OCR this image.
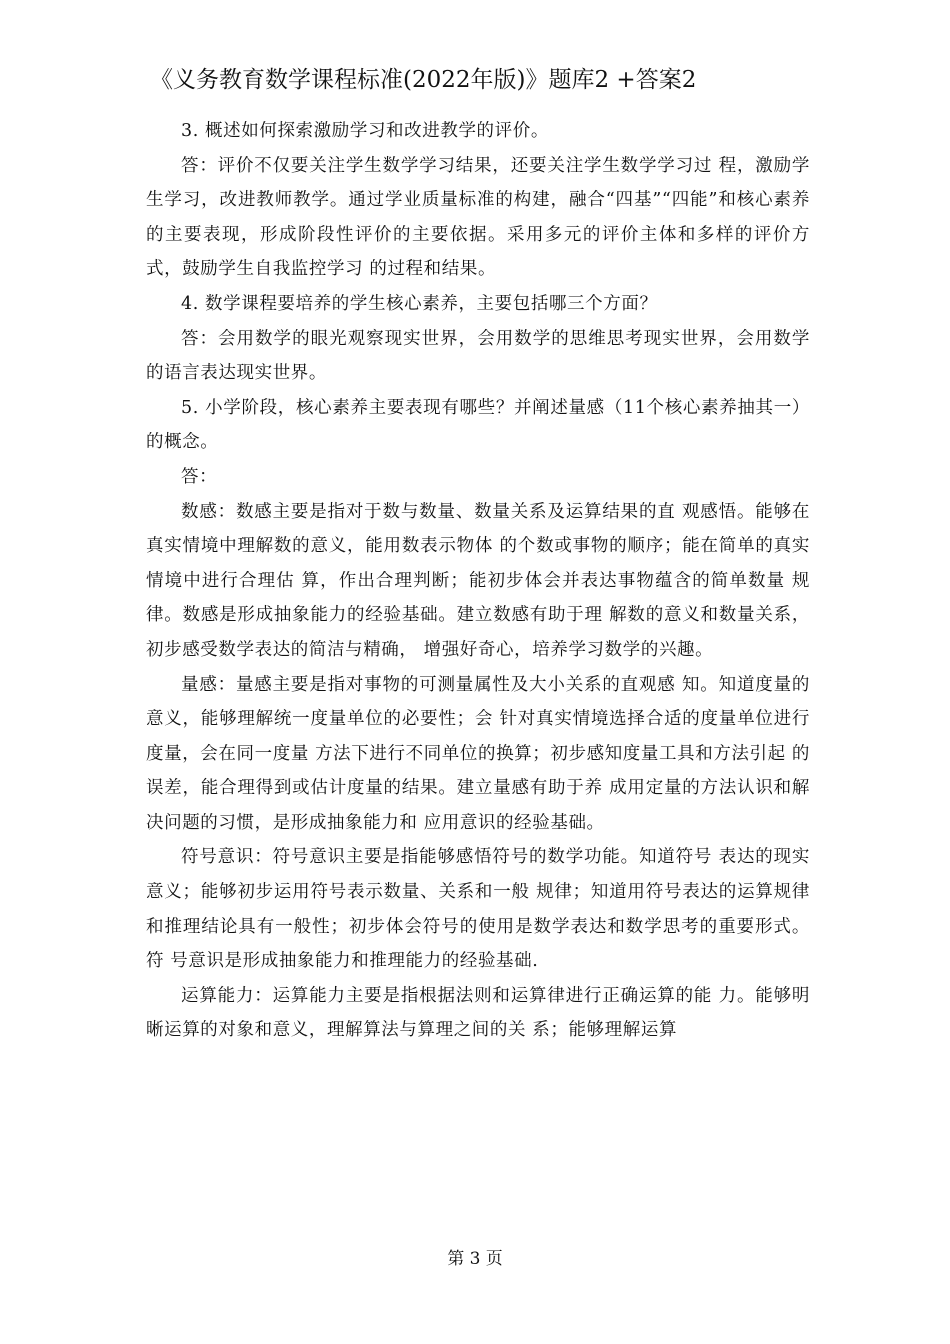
《义务教育数学课程标准(2022年版)》题库2 +答案2

3. 概述如何探索激励学习和改进教学的评价。

答：评价不仅要关注学生数学学习结果，还要关注学生数学学习过 程，激励学生学习，改进教师教学。通过学业质量标准的构建，融合“四基”“四能”和核心素养的主要表现，形成阶段性评价的主要依据。采用多元的评价主体和多样的评价方式，鼓励学生自我监控学习 的过程和结果。

4. 数学课程要培养的学生核心素养，主要包括哪三个方面？

答：会用数学的眼光观察现实世界，会用数学的思维思考现实世界，会用数学的语言表达现实世界。

5. 小学阶段，核心素养主要表现有哪些？并阐述量感（11个核心素养抽其一）的概念。

答：

数感：数感主要是指对于数与数量、数量关系及运算结果的直 观感悟。能够在真实情境中理解数的意义，能用数表示物体 的个数或事物的顺序；能在简单的真实情境中进行合理估 算，作出合理判断；能初步体会并表达事物蕴含的简单数量 规律。数感是形成抽象能力的经验基础。建立数感有助于理 解数的意义和数量关系，初步感受数学表达的简洁与精确， 增强好奇心，培养学习数学的兴趣。

量感：量感主要是指对事物的可测量属性及大小关系的直观感 知。知道度量的意义，能够理解统一度量单位的必要性；会 针对真实情境选择合适的度量单位进行度量，会在同一度量 方法下进行不同单位的换算；初步感知度量工具和方法引起 的误差，能合理得到或估计度量的结果。建立量感有助于养 成用定量的方法认识和解决问题的习惯，是形成抽象能力和 应用意识的经验基础。

符号意识：符号意识主要是指能够感悟符号的数学功能。知道符号 表达的现实意义；能够初步运用符号表示数量、关系和一般 规律；知道用符号表达的运算规律和推理结论具有一般性；初步体会符号的使用是数学表达和数学思考的重要形式。符 号意识是形成抽象能力和推理能力的经验基础.

运算能力：运算能力主要是指根据法则和运算律进行正确运算的能 力。能够明晰运算的对象和意义，理解算法与算理之间的关 系；能够理解运算

第 3 页
